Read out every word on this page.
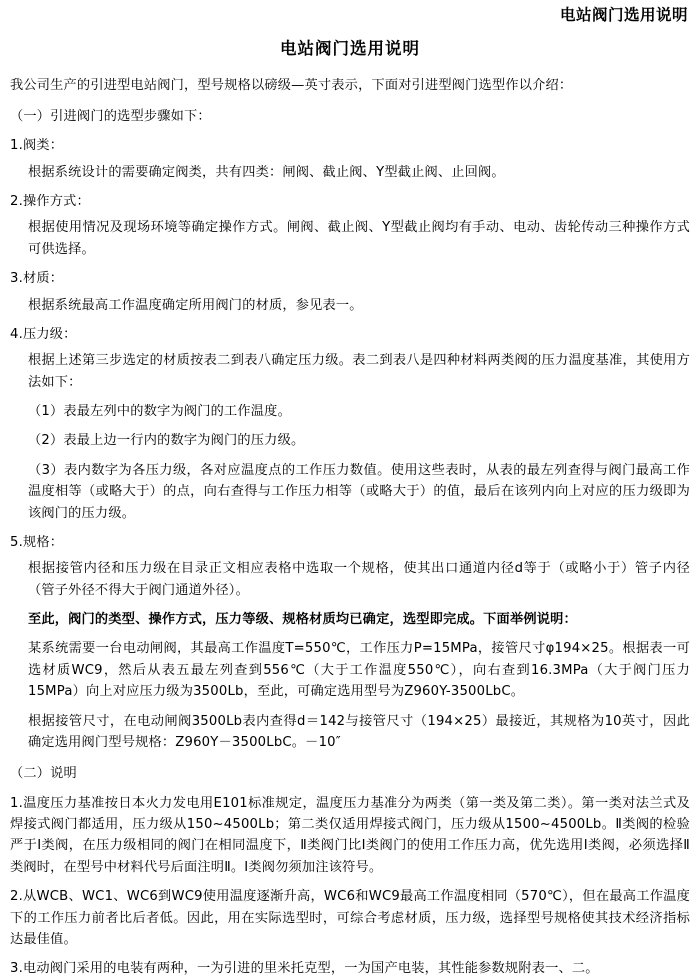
电站阀门选用说明
电站阀门选用说明

我公司生产的引进型电站阀门，型号规格以磅级—英寸表示，下面对引进型阀门选型作以介绍：

（一）引进阀门的选型步骤如下：

1.阀类：

根据系统设计的需要确定阀类，共有四类：闸阀、截止阀、Y型截止阀、止回阀。

2.操作方式：

根据使用情况及现场环境等确定操作方式。闸阀、截止阀、Y型截止阀均有手动、电动、齿轮传动三种操作方式可供选择。

3.材质：

根据系统最高工作温度确定所用阀门的材质，参见表一。

4.压力级：

根据上述第三步选定的材质按表二到表八确定压力级。表二到表八是四种材料两类阀的压力温度基准，其使用方法如下：

（1）表最左列中的数字为阀门的工作温度。

（2）表最上边一行内的数字为阀门的压力级。

（3）表内数字为各压力级，各对应温度点的工作压力数值。使用这些表时，从表的最左列查得与阀门最高工作温度相等（或略大于）的点，向右查得与工作压力相等（或略大于）的值，最后在该列内向上对应的压力级即为该阀门的压力级。

5.规格：

根据接管内径和压力级在目录正文相应表格中选取一个规格，使其出口通道内径d等于（或略小于）管子内径（管子外径不得大于阀门通道外径）。

至此，阀门的类型、操作方式，压力等级、规格材质均已确定，选型即完成。下面举例说明：

某系统需要一台电动闸阀，其最高工作温度T=550℃，工作压力P=15MPa，接管尺寸φ194×25。根据表一可选材质WC9，然后从表五最左列查到556℃（大于工作温度550℃），向右查到16.3MPa（大于阀门压力15MPa）向上对应压力级为3500Lb，至此，可确定选用型号为Z960Y-3500LbC。

根据接管尺寸，在电动闸阀3500Lb表内查得d＝142与接管尺寸（194×25）最接近，其规格为10英寸，因此确定选用阀门型号规格：Z960Y－3500LbC。－10″

（二）说明

1.温度压力基准按日本火力发电用E101标准规定，温度压力基准分为两类（第一类及第二类）。第一类对法兰式及焊接式阀门都适用，压力级从150~4500Lb；第二类仅适用焊接式阀门，压力级从1500~4500Lb。Ⅱ类阀的检验严于Ⅰ类阀，在压力级相同的阀门在相同温度下，Ⅱ类阀门比Ⅰ类阀门的使用工作压力高，优先选用Ⅰ类阀，必须选择Ⅱ类阀时，在型号中材料代号后面注明Ⅱ。Ⅰ类阀勿须加注该符号。

2.从WCB、WC1、WC6到WC9使用温度逐渐升高，WC6和WC9最高工作温度相同（570℃），但在最高工作温度下的工作压力前者比后者低。因此，用在实际选型时，可综合考虑材质，压力级，选择型号规格使其技术经济指标达最佳值。

3.电动阀门采用的电装有两种，一为引进的里米托克型，一为国产电装，其性能参数规附表一、二。
